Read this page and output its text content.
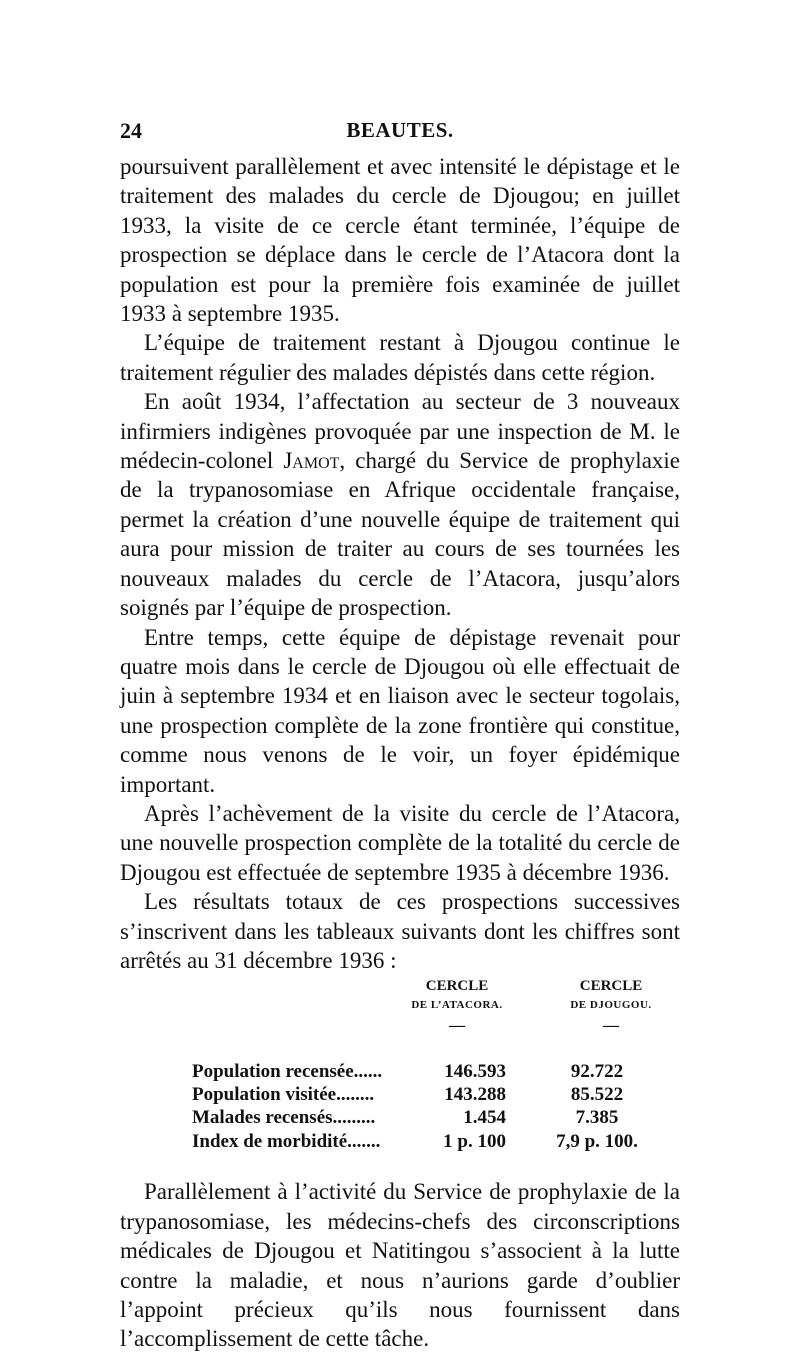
24	BEAUTES.

poursuivent parallèlement et avec intensité le dépistage et le traitement des malades du cercle de Djougou; en juillet 1933, la visite de ce cercle étant terminée, l’équipe de prospection se déplace dans le cercle de l’Atacora dont la population est pour la première fois examinée de juillet 1933 à septembre 1935.

L’équipe de traitement restant à Djougou continue le traitement régulier des malades dépistés dans cette région.

En août 1934, l’affectation au secteur de 3 nouveaux infirmiers indigènes provoquée par une inspection de M. le médecin-colonel Jamot, chargé du Service de prophylaxie de la trypanosomiase en Afrique occidentale française, permet la création d’une nouvelle équipe de traitement qui aura pour mission de traiter au cours de ses tournées les nouveaux malades du cercle de l’Atacora, jusqu’alors soignés par l’équipe de prospection.

Entre temps, cette équipe de dépistage revenait pour quatre mois dans le cercle de Djougou où elle effectuait de juin à septembre 1934 et en liaison avec le secteur togolais, une prospection complète de la zone frontière qui constitue, comme nous venons de le voir, un foyer épidémique important.

Après l’achèvement de la visite du cercle de l’Atacora, une nouvelle prospection complète de la totalité du cercle de Djougou est effectuée de septembre 1935 à décembre 1936.

Les résultats totaux de ces prospections successives s’inscrivent dans les tableaux suivants dont les chiffres sont arrêtés au 31 décembre 1936 :

CERCLE
DE L’ATACORA.
—
CERCLE
DE DJOUGOU.
—
Population recensée......	146.593	92.722
Population visitée........	143.288	85.522
Malades recensés.........	1.454	7.385
Index de morbidité.......	1 p. 100	7,9 p. 100.

Parallèlement à l’activité du Service de prophylaxie de la trypanosomiase, les médecins-chefs des circonscriptions médicales de Djougou et Natitingou s’associent à la lutte contre la maladie, et nous n’aurions garde d’oublier l’appoint précieux qu’ils nous fournissent dans l’accomplissement de cette tâche.
